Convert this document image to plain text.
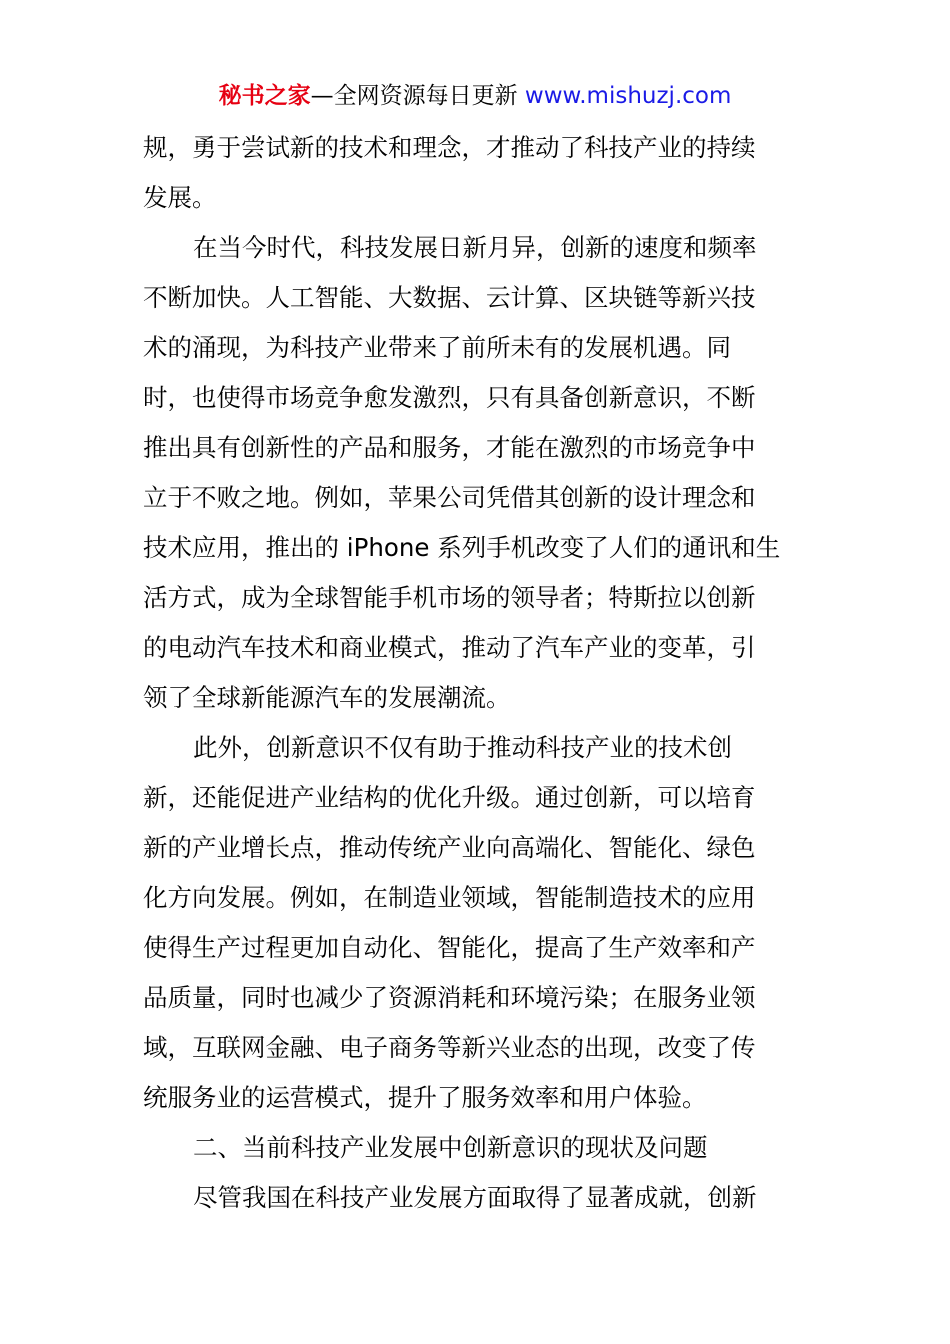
秘书之家—全网资源每日更新 www.mishuzj.com
规，勇于尝试新的技术和理念，才推动了科技产业的持续
发展。
在当今时代，科技发展日新月异，创新的速度和频率
不断加快。人工智能、大数据、云计算、区块链等新兴技
术的涌现，为科技产业带来了前所未有的发展机遇。同
时，也使得市场竞争愈发激烈，只有具备创新意识，不断
推出具有创新性的产品和服务，才能在激烈的市场竞争中
立于不败之地。例如，苹果公司凭借其创新的设计理念和
技术应用，推出的 iPhone 系列手机改变了人们的通讯和生
活方式，成为全球智能手机市场的领导者；特斯拉以创新
的电动汽车技术和商业模式，推动了汽车产业的变革，引
领了全球新能源汽车的发展潮流。
此外，创新意识不仅有助于推动科技产业的技术创
新，还能促进产业结构的优化升级。通过创新，可以培育
新的产业增长点，推动传统产业向高端化、智能化、绿色
化方向发展。例如，在制造业领域，智能制造技术的应用
使得生产过程更加自动化、智能化，提高了生产效率和产
品质量，同时也减少了资源消耗和环境污染；在服务业领
域，互联网金融、电子商务等新兴业态的出现，改变了传
统服务业的运营模式，提升了服务效率和用户体验。
二、当前科技产业发展中创新意识的现状及问题
尽管我国在科技产业发展方面取得了显著成就，创新
